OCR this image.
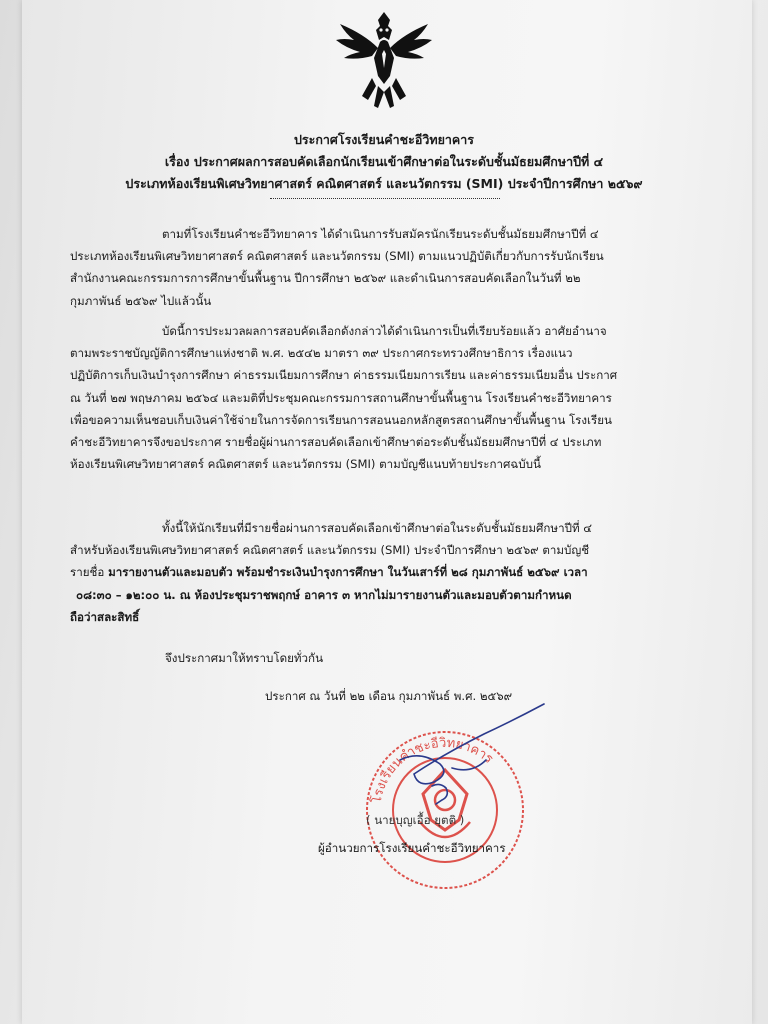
ประกาศโรงเรียนคำชะอีวิทยาคาร
เรื่อง ประกาศผลการสอบคัดเลือกนักเรียนเข้าศึกษาต่อในระดับชั้นมัธยมศึกษาปีที่ ๔
ประเภทห้องเรียนพิเศษวิทยาศาสตร์ คณิตศาสตร์ และนวัตกรรม (SMI) ประจำปีการศึกษา ๒๕๖๙
ตามที่โรงเรียนคำชะอีวิทยาคาร ได้ดำเนินการรับสมัครนักเรียนระดับชั้นมัธยมศึกษาปีที่ ๔
ประเภทห้องเรียนพิเศษวิทยาศาสตร์ คณิตศาสตร์ และนวัตกรรม (SMI) ตามแนวปฏิบัติเกี่ยวกับการรับนักเรียน
สำนักงานคณะกรรมการการศึกษาขั้นพื้นฐาน ปีการศึกษา ๒๕๖๙ และดำเนินการสอบคัดเลือกในวันที่ ๒๒
กุมภาพันธ์ ๒๕๖๙ ไปแล้วนั้น
บัดนี้การประมวลผลการสอบคัดเลือกดังกล่าวได้ดำเนินการเป็นที่เรียบร้อยแล้ว อาศัยอำนาจ
ตามพระราชบัญญัติการศึกษาแห่งชาติ พ.ศ. ๒๕๔๒ มาตรา ๓๙ ประกาศกระทรวงศึกษาธิการ เรื่องแนว
ปฏิบัติการเก็บเงินบำรุงการศึกษา ค่าธรรมเนียมการศึกษา ค่าธรรมเนียมการเรียน และค่าธรรมเนียมอื่น ประกาศ
ณ วันที่ ๒๗ พฤษภาคม ๒๕๖๔ และมติที่ประชุมคณะกรรมการสถานศึกษาขั้นพื้นฐาน โรงเรียนคำชะอีวิทยาคาร
เพื่อขอความเห็นชอบเก็บเงินค่าใช้จ่ายในการจัดการเรียนการสอนนอกหลักสูตรสถานศึกษาขั้นพื้นฐาน โรงเรียน
คำชะอีวิทยาคารจึงขอประกาศ รายชื่อผู้ผ่านการสอบคัดเลือกเข้าศึกษาต่อระดับชั้นมัธยมศึกษาปีที่ ๔ ประเภท
ห้องเรียนพิเศษวิทยาศาสตร์ คณิตศาสตร์ และนวัตกรรม (SMI) ตามบัญชีแนบท้ายประกาศฉบับนี้
ทั้งนี้ให้นักเรียนที่มีรายชื่อผ่านการสอบคัดเลือกเข้าศึกษาต่อในระดับชั้นมัธยมศึกษาปีที่ ๔
สำหรับห้องเรียนพิเศษวิทยาศาสตร์ คณิตศาสตร์ และนวัตกรรม (SMI) ประจำปีการศึกษา ๒๕๖๙ ตามบัญชี
รายชื่อ มารายงานตัวและมอบตัว พร้อมชำระเงินบำรุงการศึกษา ในวันเสาร์ที่ ๒๘ กุมภาพันธ์ ๒๕๖๙ เวลา
๐๘:๓๐ – ๑๒:๐๐ น. ณ ห้องประชุมราชพฤกษ์ อาคาร ๓ หากไม่มารายงานตัวและมอบตัวตามกำหนด
ถือว่าสละสิทธิ์
จึงประกาศมาให้ทราบโดยทั่วกัน
ประกาศ ณ วันที่ ๒๒ เดือน กุมภาพันธ์ พ.ศ. ๒๕๖๙
โรงเรียนคำชะอีวิทยาคาร
( นายบุญเอื้อ ยุตติ )
ผู้อำนวยการโรงเรียนคำชะอีวิทยาคาร
